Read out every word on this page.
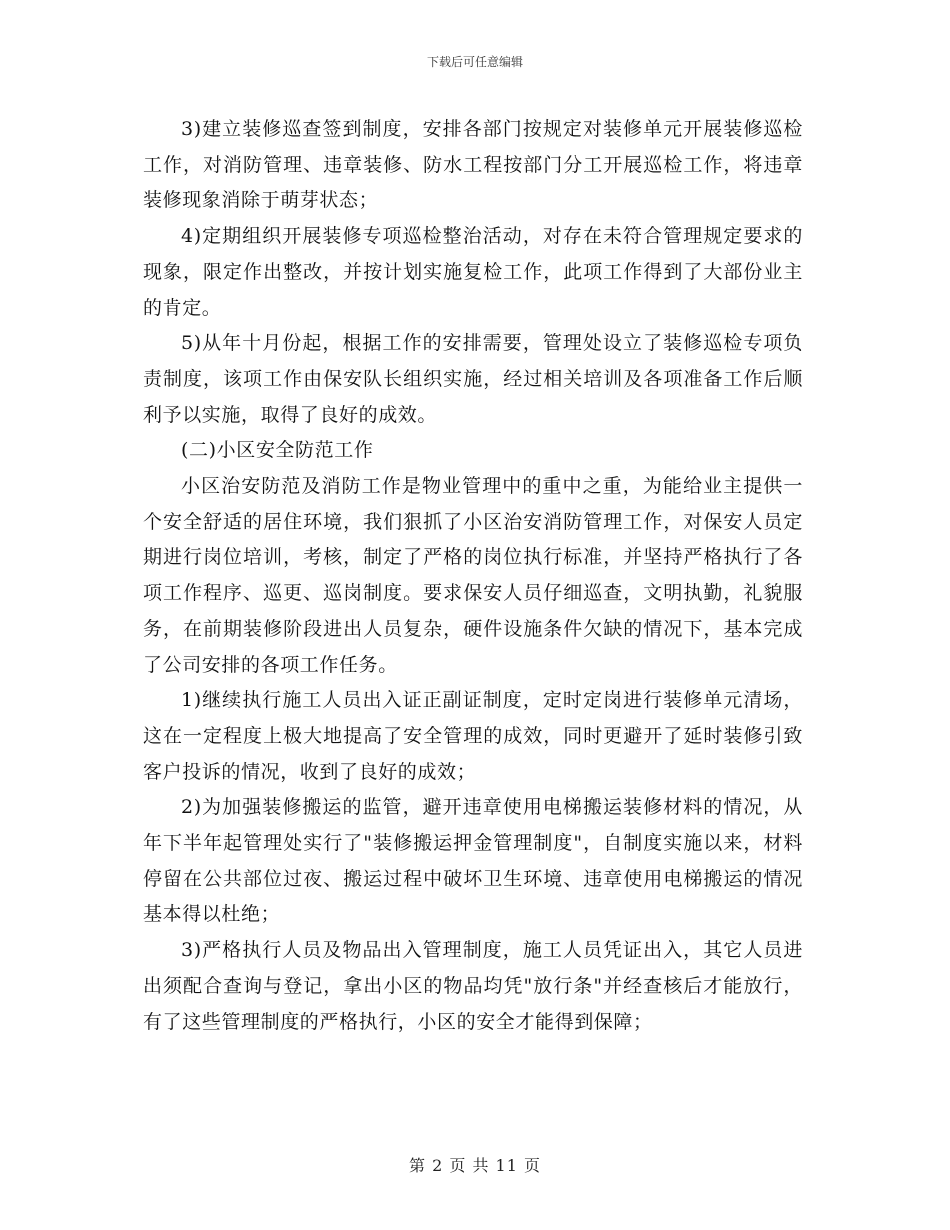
下载后可任意编辑

3)建立装修巡查签到制度，安排各部门按规定对装修单元开展装修巡检工作，对消防管理、违章装修、防水工程按部门分工开展巡检工作，将违章装修现象消除于萌芽状态；

4)定期组织开展装修专项巡检整治活动，对存在未符合管理规定要求的现象，限定作出整改，并按计划实施复检工作，此项工作得到了大部份业主的肯定。

5)从年十月份起，根据工作的安排需要，管理处设立了装修巡检专项负责制度，该项工作由保安队长组织实施，经过相关培训及各项准备工作后顺利予以实施，取得了良好的成效。

(二)小区安全防范工作

小区治安防范及消防工作是物业管理中的重中之重，为能给业主提供一个安全舒适的居住环境，我们狠抓了小区治安消防管理工作，对保安人员定期进行岗位培训，考核，制定了严格的岗位执行标准，并坚持严格执行了各项工作程序、巡更、巡岗制度。要求保安人员仔细巡查，文明执勤，礼貌服务，在前期装修阶段进出人员复杂，硬件设施条件欠缺的情况下，基本完成了公司安排的各项工作任务。

1)继续执行施工人员出入证正副证制度，定时定岗进行装修单元清场，这在一定程度上极大地提高了安全管理的成效，同时更避开了延时装修引致客户投诉的情况，收到了良好的成效；

2)为加强装修搬运的监管，避开违章使用电梯搬运装修材料的情况，从年下半年起管理处实行了"装修搬运押金管理制度"，自制度实施以来，材料停留在公共部位过夜、搬运过程中破坏卫生环境、违章使用电梯搬运的情况基本得以杜绝；

3)严格执行人员及物品出入管理制度，施工人员凭证出入，其它人员进出须配合查询与登记，拿出小区的物品均凭"放行条"并经查核后才能放行，有了这些管理制度的严格执行，小区的安全才能得到保障；

第 2 页 共 11 页
